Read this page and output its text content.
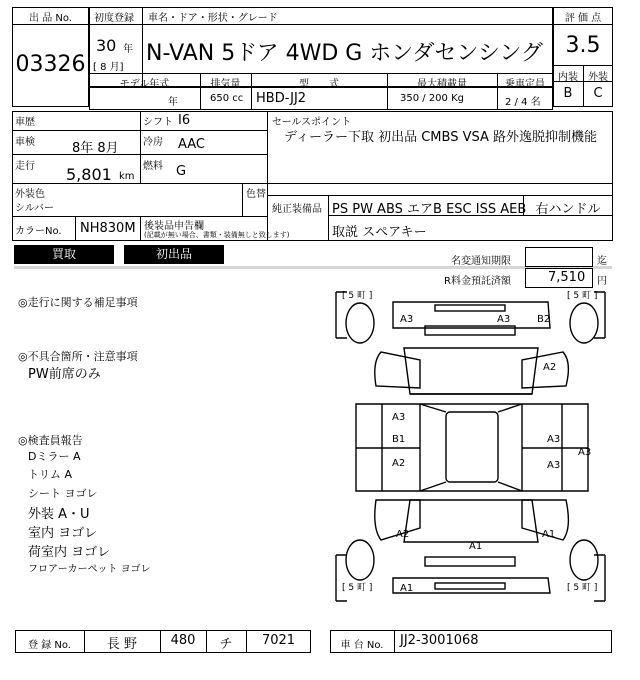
出 品 No.
03326
初度登録 車名・ドア・形状・グレード
30 年
[ 8 月]
N-VAN 5ドア 4WD G ホンダセンシング
評 価 点
3.5
内装	外装
B	C
モデル年式	排気量	型　　式	最大積載量	乗車定員
年	650 cc HBD-JJ2	350 / 200 Kg	2 / 4 名
車歴
車検	8年 8月
走行 5,801 km
シフト I6
冷房 AAC
燃料 G
セールスポイント
ディーラー下取 初出品 CMBS VSA 路外逸脱抑制機能
外装色
シルバー
色替
純正装備品 PS PW ABS エアB ESC ISS AEB 右ハンドル
カラーNo. NH830M 後装品申告欄
(記載が無い場合、書類・装備無しと致します)	取説 スペアキー
買取	初出品
名変通知期限	迄
R料金預託済額	7,510 円
◎走行に関する補足事項
◎不具合箇所・注意事項
PW前席のみ
◎検査員報告
Dミラー A
トリム A
シート ヨゴレ
外装 A・U
室内 ヨゴレ
荷室内 ヨゴレ
フロアーカーペット ヨゴレ
[ 5 町 ]	[ 5 町 ]
[ 5 町 ]	[ 5 町 ]
A3	A3	B2
A2
A3
B1
A2
A3
A3
A3
A2	A1
A1
A1
登 録 No.	長 野	480	チ	7021	車 台 No.	JJ2-3001068
